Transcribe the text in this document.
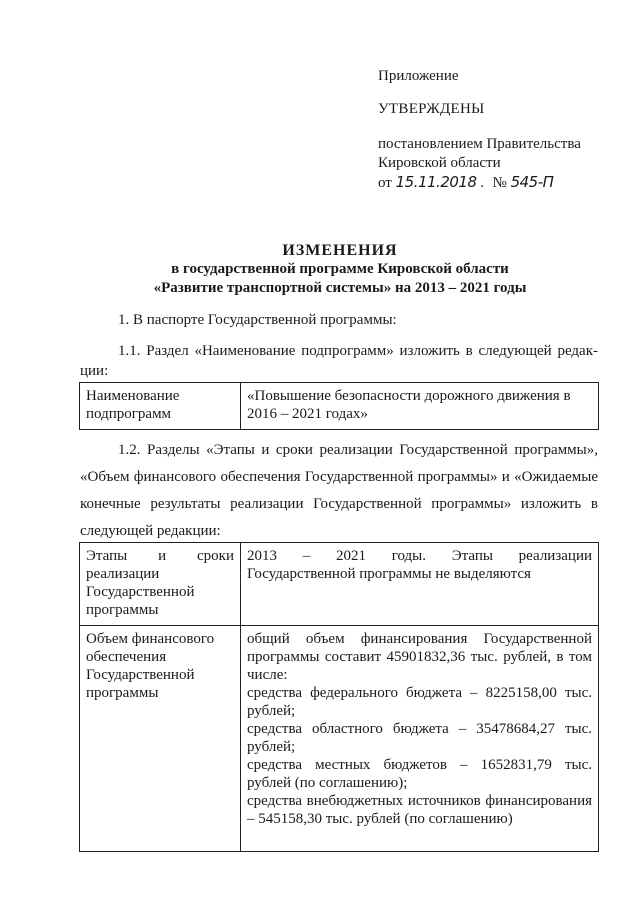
Приложение
УТВЕРЖДЕНЫ
постановлением Правительства
Кировской области
от 15.11.2018 . № 545-П
ИЗМЕНЕНИЯ
в государственной программе Кировской области
«Развитие транспортной системы» на 2013 – 2021 годы
1. В паспорте Государственной программы:
1.1. Раздел «Наименование подпрограмм» изложить в следующей редак-
ции:
Наименование подпрограмм	«Повышение безопасности дорожного движения в 2016 – 2021 годах»
1.2. Разделы «Этапы и сроки реализации Государственной программы», «Объем финансового обеспечения Государственной программы» и «Ожидаемые конечные результаты реализации Государственной программы» изложить в следующей редакции:
Этапы и сроки реализации Государственной программы	2013 – 2021 годы. Этапы реализации Государственной программы не выделяются
Объем финансового обеспечения Государственной программы	общий объем финансирования Государственной программы составит 45901832,36 тыс. рублей, в том числе:
средства федерального бюджета – 8225158,00 тыс. рублей;
средства областного бюджета – 35478684,27 тыс. рублей;
средства местных бюджетов – 1652831,79 тыс. рублей (по соглашению);
средства внебюджетных источников финансирования – 545158,30 тыс. рублей (по соглашению)
